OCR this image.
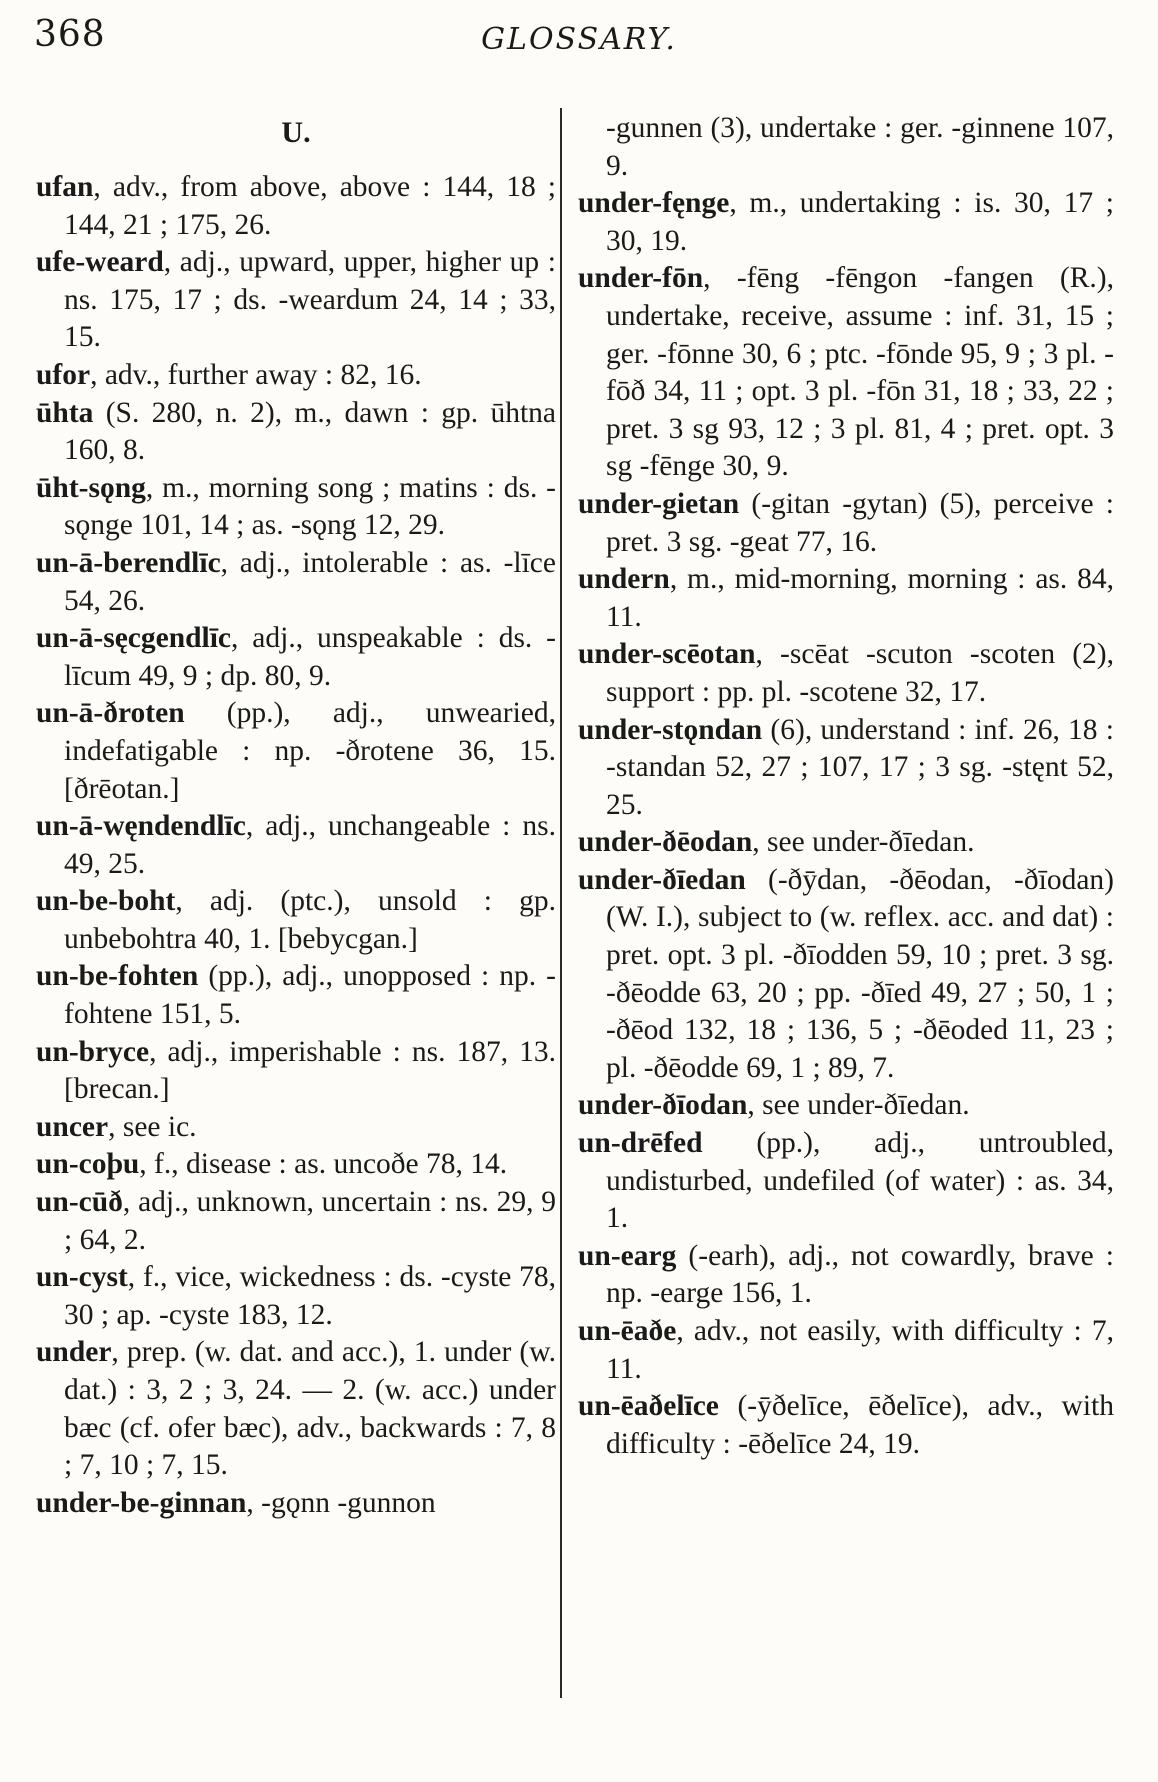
368	GLOSSARY.
U.

ufan, adv., from above, above : 144, 18 ; 144, 21 ; 175, 26.

ufe-weard, adj., upward, upper, higher up : ns. 175, 17 ; ds. -weardum 24, 14 ; 33, 15.

ufor, adv., further away : 82, 16.

ūhta (S. 280, n. 2), m., dawn : gp. ūhtna 160, 8.

ūht-sǫng, m., morning song ; matins : ds. -sǫnge 101, 14 ; as. -sǫng 12, 29.

un-ā-berendlīc, adj., intolerable : as. -līce 54, 26.

un-ā-sęcgendlīc, adj., unspeakable : ds. -līcum 49, 9 ; dp. 80, 9.

un-ā-ðroten (pp.), adj., unwearied, indefatigable : np. -ðrotene 36, 15. [ðrēotan.]

un-ā-węndendlīc, adj., unchangeable : ns. 49, 25.

un-be-boht, adj. (ptc.), unsold : gp. unbebohtra 40, 1. [bebycgan.]

un-be-fohten (pp.), adj., unopposed : np. -fohtene 151, 5.

un-bryce, adj., imperishable : ns. 187, 13. [brecan.]

uncer, see ic.

un-coþu, f., disease : as. uncoðe 78, 14.

un-cūð, adj., unknown, uncertain : ns. 29, 9 ; 64, 2.

un-cyst, f., vice, wickedness : ds. -cyste 78, 30 ; ap. -cyste 183, 12.

under, prep. (w. dat. and acc.), 1. under (w. dat.) : 3, 2 ; 3, 24. — 2. (w. acc.) under bæc (cf. ofer bæc), adv., backwards : 7, 8 ; 7, 10 ; 7, 15.

under-be-ginnan, -gǫnn -gunnon

-gunnen (3), undertake : ger. -ginnene 107, 9.

under-fęnge, m., undertaking : is. 30, 17 ; 30, 19.

under-fōn, -fēng -fēngon -fangen (R.), undertake, receive, assume : inf. 31, 15 ; ger. -fōnne 30, 6 ; ptc. -fōnde 95, 9 ; 3 pl. -fōð 34, 11 ; opt. 3 pl. -fōn 31, 18 ; 33, 22 ; pret. 3 sg 93, 12 ; 3 pl. 81, 4 ; pret. opt. 3 sg -fēnge 30, 9.

under-gietan (-gitan -gytan) (5), perceive : pret. 3 sg. -geat 77, 16.

undern, m., mid-morning, morning : as. 84, 11.

under-scēotan, -scēat -scuton -scoten (2), support : pp. pl. -scotene 32, 17.

under-stǫndan (6), understand : inf. 26, 18 : -standan 52, 27 ; 107, 17 ; 3 sg. -stęnt 52, 25.

under-ðēodan, see under-ðīedan.

under-ðīedan (-ðȳdan, -ðēodan, -ðīodan) (W. I.), subject to (w. reflex. acc. and dat) : pret. opt. 3 pl. -ðīodden 59, 10 ; pret. 3 sg. -ðēodde 63, 20 ; pp. -ðīed 49, 27 ; 50, 1 ; -ðēod 132, 18 ; 136, 5 ; -ðēoded 11, 23 ; pl. -ðēodde 69, 1 ; 89, 7.

under-ðīodan, see under-ðīedan.

un-drēfed (pp.), adj., untroubled, undisturbed, undefiled (of water) : as. 34, 1.

un-earg (-earh), adj., not cowardly, brave : np. -earge 156, 1.

un-ēaðe, adv., not easily, with difficulty : 7, 11.

un-ēaðelīce (-ȳðelīce, ēðelīce), adv., with difficulty : -ēðelīce 24, 19.
